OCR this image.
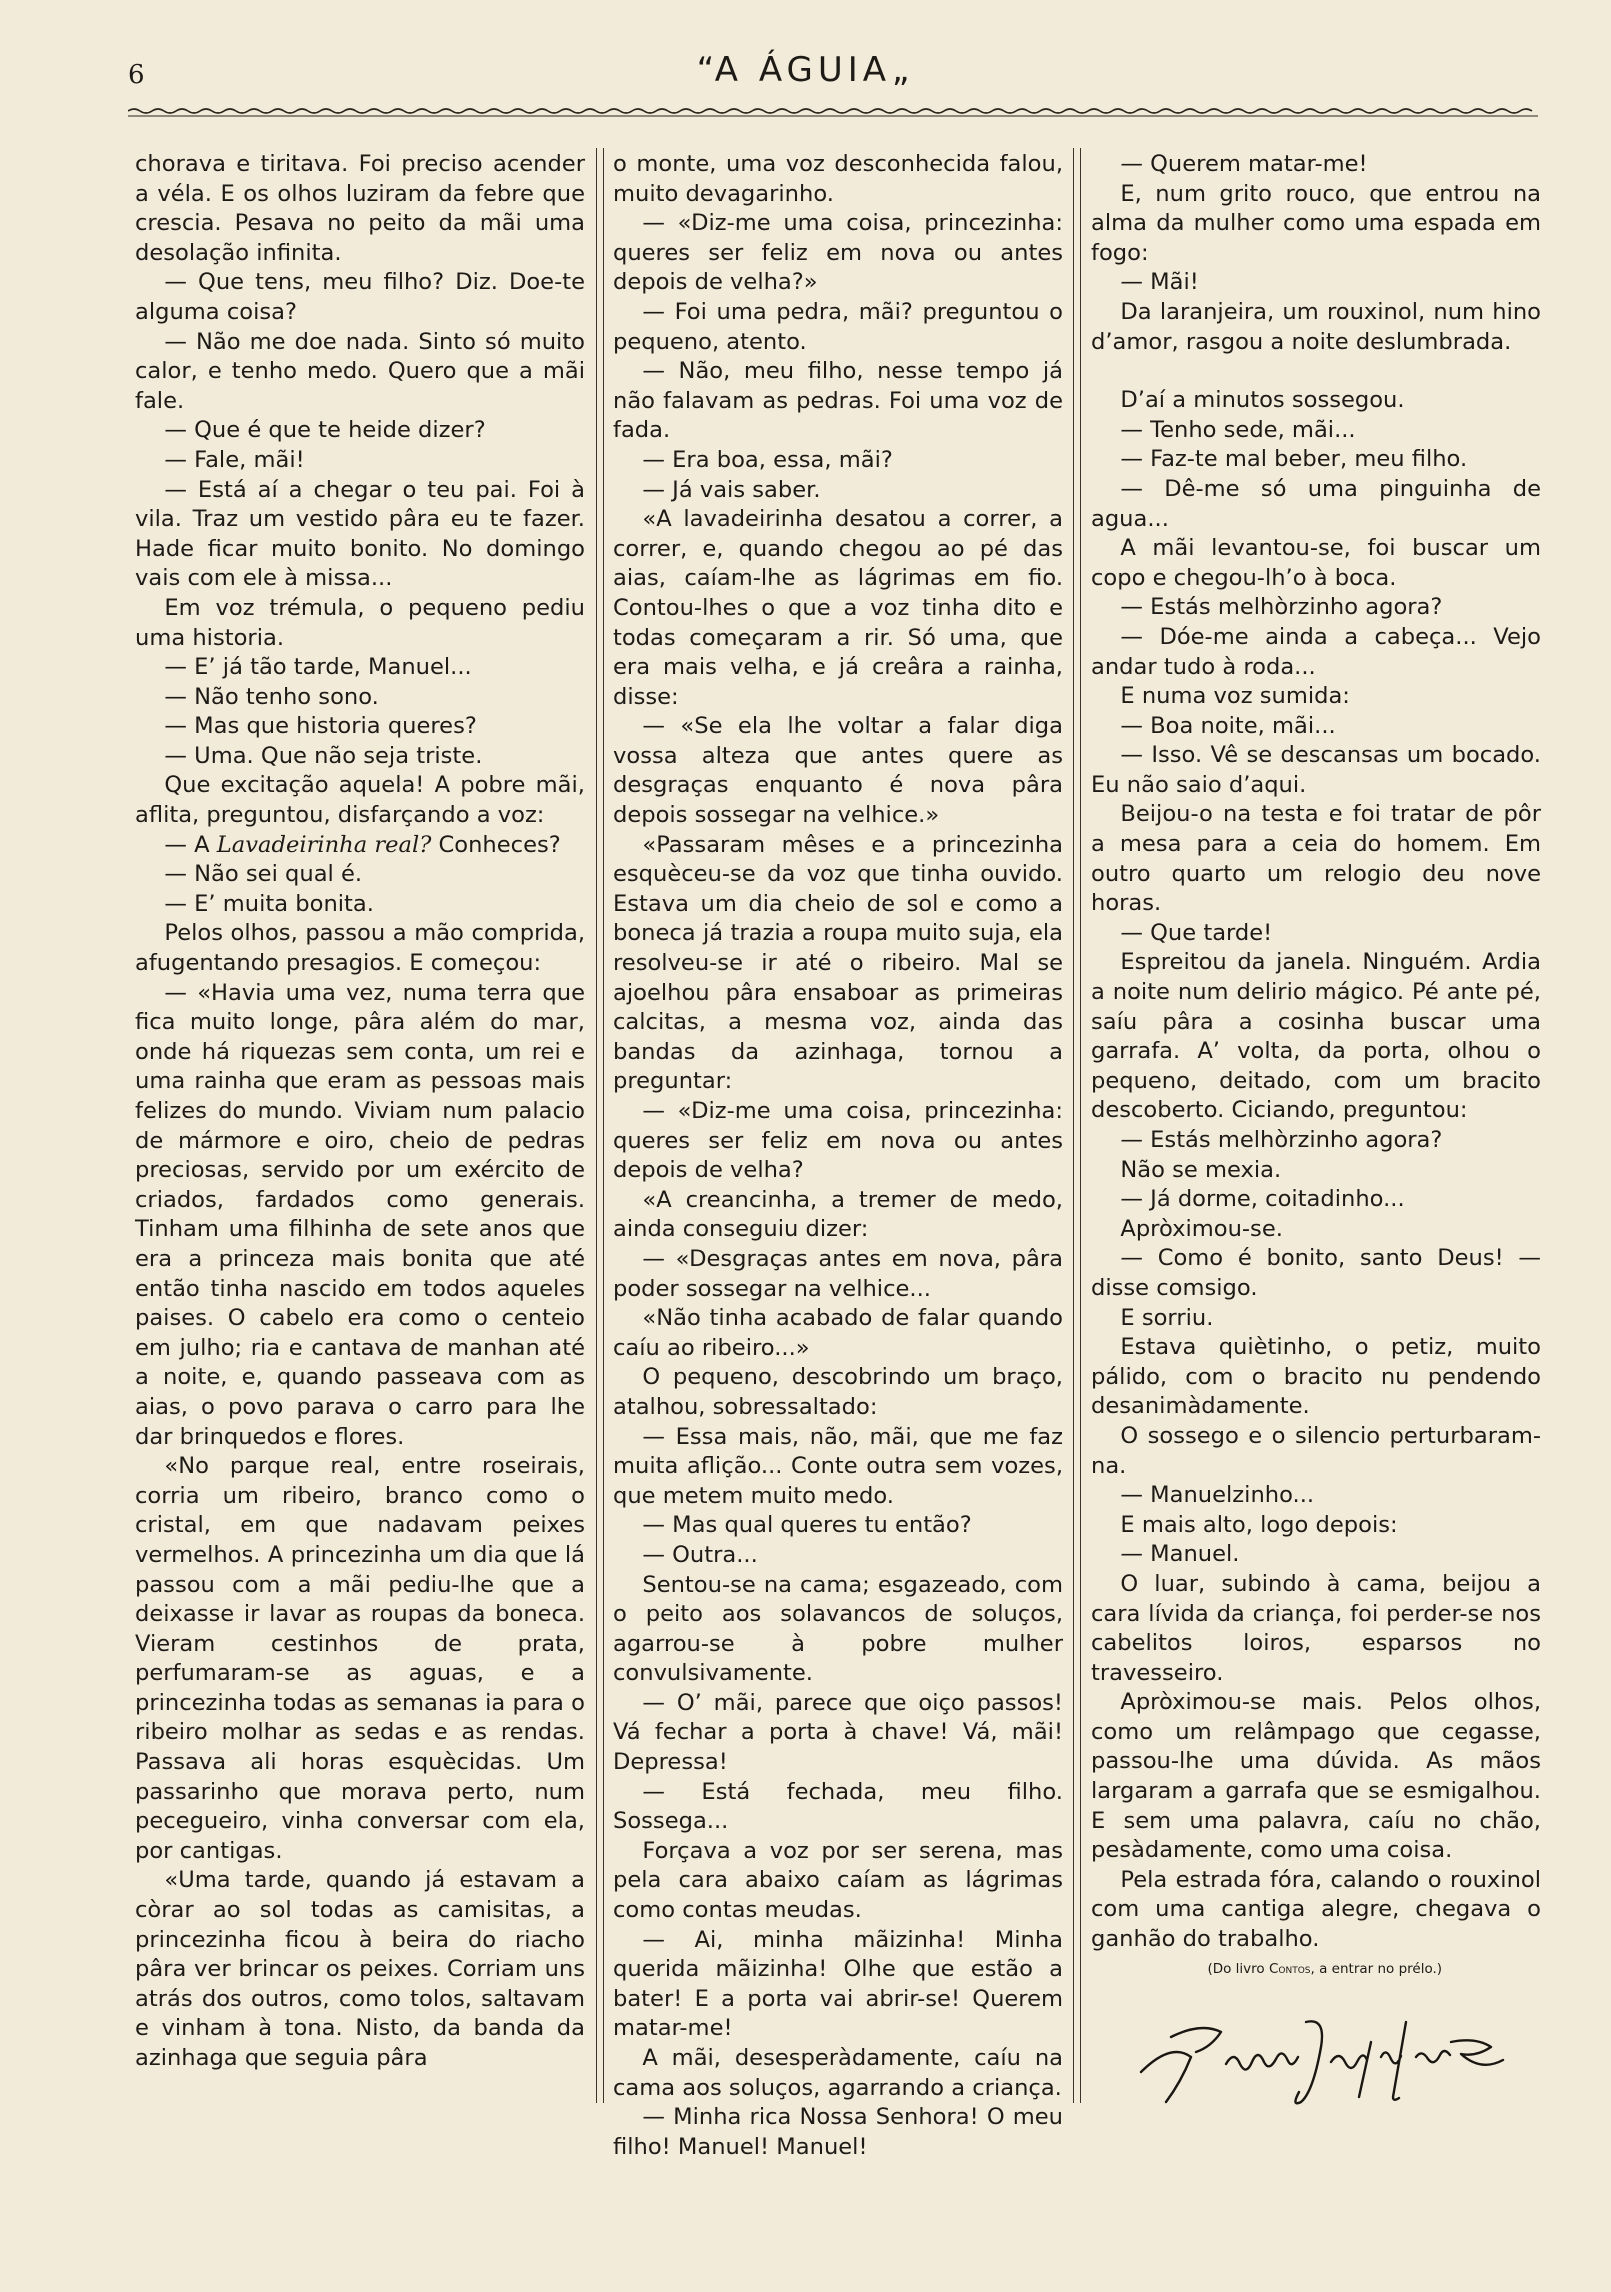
6	“A ÁGUIA„

chorava e tiritava. Foi preciso acender a véla. E os olhos luziram da febre que crescia. Pesava no peito da mãi uma desolação infinita.

— Que tens, meu filho? Diz. Doe-te alguma coisa?

— Não me doe nada. Sinto só muito calor, e tenho medo. Quero que a mãi fale.

— Que é que te heide dizer?

— Fale, mãi!

— Está aí a chegar o teu pai. Foi à vila. Traz um vestido pâra eu te fazer. Hade ficar muito bonito. No domingo vais com ele à missa...

Em voz trémula, o pequeno pediu uma historia.

— E’ já tão tarde, Manuel...

— Não tenho sono.

— Mas que historia queres?

— Uma. Que não seja triste.

Que excitação aquela! A pobre mãi, aflita, preguntou, disfarçando a voz:

— A Lavadeirinha real? Conheces?

— Não sei qual é.

— E’ muita bonita.

Pelos olhos, passou a mão comprida, afugentando presagios. E começou:

— «Havia uma vez, numa terra que fica muito longe, pâra além do mar, onde há riquezas sem conta, um rei e uma rainha que eram as pessoas mais felizes do mundo. Viviam num palacio de mármore e oiro, cheio de pedras preciosas, servido por um exército de criados, fardados como generais. Tinham uma filhinha de sete anos que era a princeza mais bonita que até então tinha nascido em todos aqueles paises. O cabelo era como o centeio em julho; ria e cantava de manhan até a noite, e, quando passeava com as aias, o povo parava o carro para lhe dar brinquedos e flores.

«No parque real, entre roseirais, corria um ribeiro, branco como o cristal, em que nadavam peixes vermelhos. A princezinha um dia que lá passou com a mãi pediu-lhe que a deixasse ir lavar as roupas da boneca. Vieram cestinhos de prata, perfumaram-se as aguas, e a princezinha todas as semanas ia para o ribeiro molhar as sedas e as rendas. Passava ali horas esquècidas. Um passarinho que morava perto, num pecegueiro, vinha conversar com ela, por cantigas.

«Uma tarde, quando já estavam a còrar ao sol todas as camisitas, a princezinha ficou à beira do riacho pâra ver brincar os peixes. Corriam uns atrás dos outros, como tolos, saltavam e vinham à tona. Nisto, da banda da azinhaga que seguia pâra

o monte, uma voz desconhecida falou, muito devagarinho.

— «Diz-me uma coisa, princezinha: queres ser feliz em nova ou antes depois de velha?»

— Foi uma pedra, mãi? preguntou o pequeno, atento.

— Não, meu filho, nesse tempo já não falavam as pedras. Foi uma voz de fada.

— Era boa, essa, mãi?

— Já vais saber.

«A lavadeirinha desatou a correr, a correr, e, quando chegou ao pé das aias, caíam-lhe as lágrimas em fio. Contou-lhes o que a voz tinha dito e todas começaram a rir. Só uma, que era mais velha, e já creâra a rainha, disse:

— «Se ela lhe voltar a falar diga vossa alteza que antes quere as desgraças enquanto é nova pâra depois sossegar na velhice.»

«Passaram mêses e a princezinha esquèceu-se da voz que tinha ouvido. Estava um dia cheio de sol e como a boneca já trazia a roupa muito suja, ela resolveu-se ir até o ribeiro. Mal se ajoelhou pâra ensaboar as primeiras calcitas, a mesma voz, ainda das bandas da azinhaga, tornou a preguntar:

— «Diz-me uma coisa, princezinha: queres ser feliz em nova ou antes depois de velha?

«A creancinha, a tremer de medo, ainda conseguiu dizer:

— «Desgraças antes em nova, pâra poder sossegar na velhice...

«Não tinha acabado de falar quando caíu ao ribeiro...»

O pequeno, descobrindo um braço, atalhou, sobressaltado:

— Essa mais, não, mãi, que me faz muita aflição... Conte outra sem vozes, que metem muito medo.

— Mas qual queres tu então?

— Outra...

Sentou-se na cama; esgazeado, com o peito aos solavancos de soluços, agarrou-se à pobre mulher convulsivamente.

— O’ mãi, parece que oiço passos! Vá fechar a porta à chave! Vá, mãi! Depressa!

— Está fechada, meu filho. Sossega...

Forçava a voz por ser serena, mas pela cara abaixo caíam as lágrimas como contas meudas.

— Ai, minha mãizinha! Minha querida mãizinha! Olhe que estão a bater! E a porta vai abrir-se! Querem matar-me!

A mãi, desesperàdamente, caíu na cama aos soluços, agarrando a criança.

— Minha rica Nossa Senhora! O meu filho! Manuel! Manuel!

— Querem matar-me!

E, num grito rouco, que entrou na alma da mulher como uma espada em fogo:

— Mãi!

Da laranjeira, um rouxinol, num hino d’amor, rasgou a noite deslumbrada.

D’aí a minutos sossegou.

— Tenho sede, mãi...

— Faz-te mal beber, meu filho.

— Dê-me só uma pinguinha de agua...

A mãi levantou-se, foi buscar um copo e chegou-lh’o à boca.

— Estás melhòrzinho agora?

— Dóe-me ainda a cabeça... Vejo andar tudo à roda...

E numa voz sumida:

— Boa noite, mãi...

— Isso. Vê se descansas um bocado. Eu não saio d’aqui.

Beijou-o na testa e foi tratar de pôr a mesa para a ceia do homem. Em outro quarto um relogio deu nove horas.

— Que tarde!

Espreitou da janela. Ninguém. Ardia a noite num delirio mágico. Pé ante pé, saíu pâra a cosinha buscar uma garrafa. A’ volta, da porta, olhou o pequeno, deitado, com um bracito descoberto. Ciciando, preguntou:

— Estás melhòrzinho agora?

Não se mexia.

— Já dorme, coitadinho...

Apròximou-se.

— Como é bonito, santo Deus! — disse comsigo.

E sorriu.

Estava quiètinho, o petiz, muito pálido, com o bracito nu pendendo desanimàdamente.

O sossego e o silencio perturbaram-na.

— Manuelzinho...

E mais alto, logo depois:

— Manuel.

O luar, subindo à cama, beijou a cara lívida da criança, foi perder-se nos cabelitos loiros, esparsos no travesseiro.

Apròximou-se mais. Pelos olhos, como um relâmpago que cegasse, passou-lhe uma dúvida. As mãos largaram a garrafa que se esmigalhou. E sem uma palavra, caíu no chão, pesàdamente, como uma coisa.

Pela estrada fóra, calando o rouxinol com uma cantiga alegre, chegava o ganhão do trabalho.

(Do livro Contos, a entrar no prélo.)
